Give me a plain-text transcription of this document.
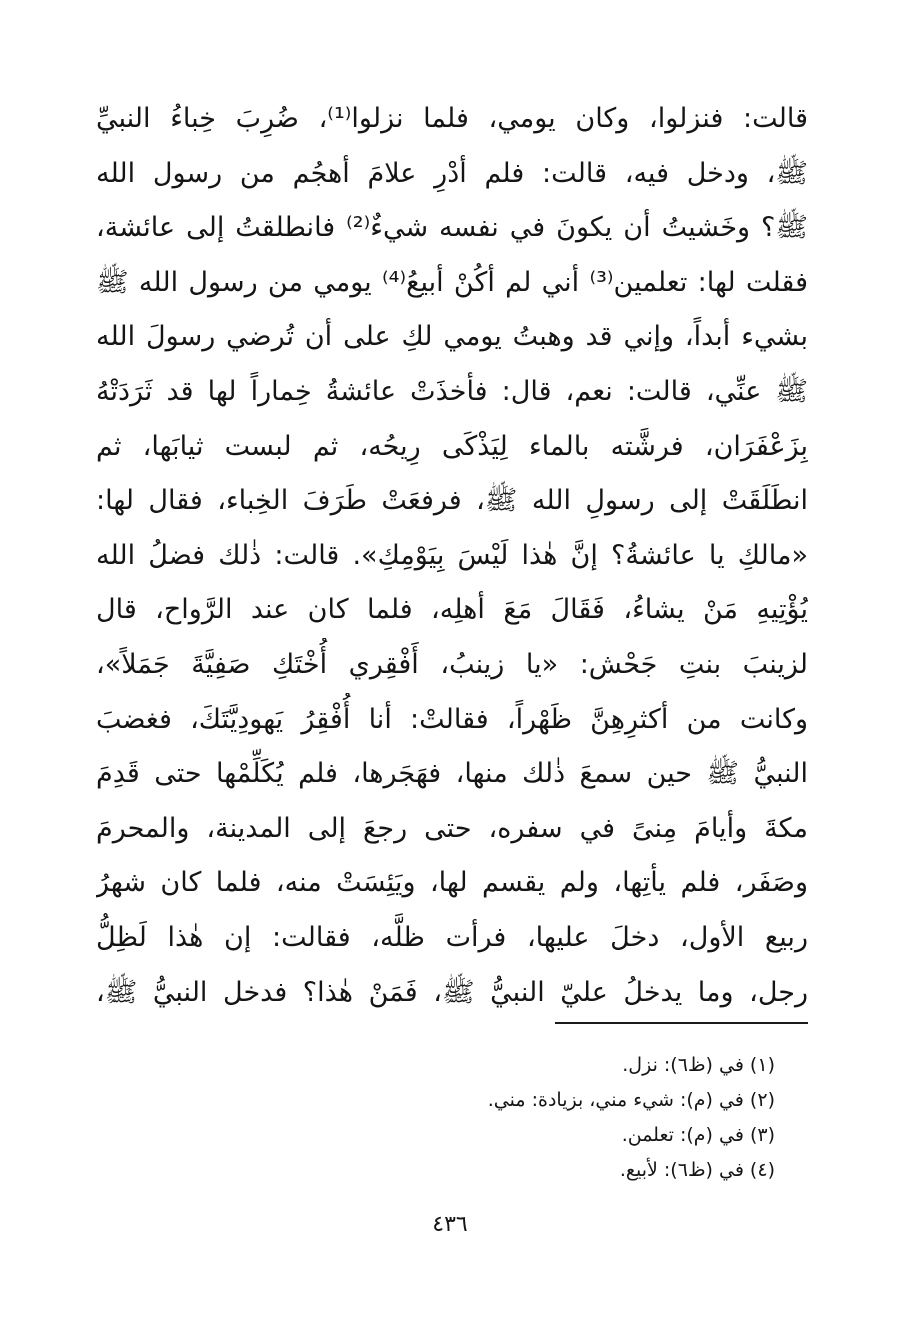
قالت: فنزلوا، وكان يومي، فلما نزلوا⁽¹⁾، ضُرِبَ خِباءُ النبيِّ
ﷺ، ودخل فيه، قالت: فلم أدْرِ علامَ أهجُم من رسول الله
ﷺ؟ وخَشيتُ أن يكونَ في نفسه شيءٌ⁽²⁾ فانطلقتُ إلى عائشة،
فقلت لها: تعلمين⁽³⁾ أني لم أكُنْ أبيعُ⁽⁴⁾ يومي من رسول الله ﷺ
بشيء أبداً، وإني قد وهبتُ يومي لكِ على أن تُرضي رسولَ الله
ﷺ عنِّي، قالت: نعم، قال: فأخذَتْ عائشةُ خِماراً لها قد ثَرَدَتْهُ
بِزَعْفَرَان، فرشَّته بالماء لِيَذْكَى رِيحُه، ثم لبست ثيابَها، ثم
انطَلَقَتْ إلى رسولِ الله ﷺ، فرفعَتْ طَرَفَ الخِباء، فقال لها:
«مالكِ يا عائشةُ؟ إنَّ هٰذا لَيْسَ بِيَوْمِكِ». قالت: ذٰلك فضلُ الله
يُؤْتِيهِ مَنْ يشاءُ، فَقَالَ مَعَ أهلِه، فلما كان عند الرَّواح، قال
لزينبَ بنتِ جَحْش: «يا زينبُ، أَفْقِري أُخْتَكِ صَفِيَّةَ جَمَلاً»،
وكانت من أكثرِهِنَّ ظَهْراً، فقالتْ: أنا أُفْقِرُ يَهودِيَّتَكَ، فغضبَ
النبيُّ ﷺ حين سمعَ ذٰلك منها، فهَجَرها، فلم يُكَلِّمْها حتى قَدِمَ
مكةَ وأيامَ مِنىً في سفره، حتى رجعَ إلى المدينة، والمحرمَ
وصَفَر، فلم يأتِها، ولم يقسم لها، ويَئِسَتْ منه، فلما كان شهرُ
ربيع الأول، دخلَ عليها، فرأت ظلَّه، فقالت: إن هٰذا لَظِلُّ
رجل، وما يدخلُ عليّ النبيُّ ﷺ، فَمَنْ هٰذا؟ فدخل النبيُّ ﷺ،
(١) في (ظ٦): نزل.
(٢) في (م): شيء مني، بزيادة: مني.
(٣) في (م): تعلمن.
(٤) في (ظ٦): لأبيع.
٤٣٦
